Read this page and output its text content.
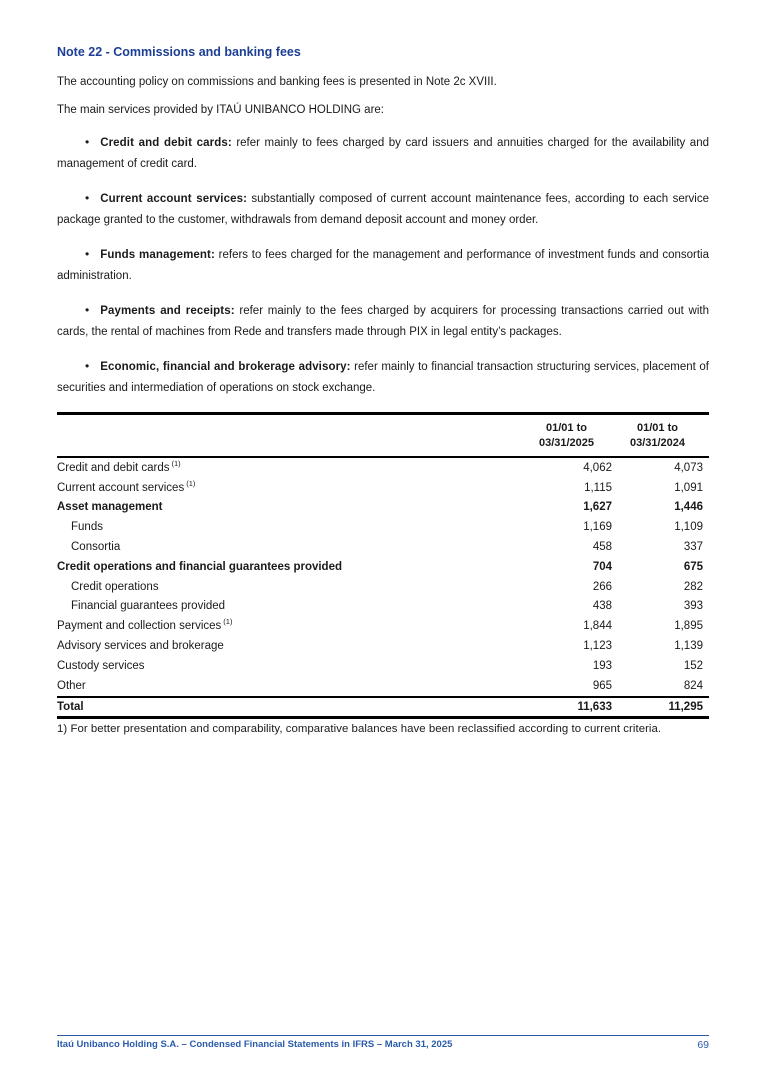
Note 22 - Commissions and banking fees

The accounting policy on commissions and banking fees is presented in Note 2c XVIII.

The main services provided by ITAÚ UNIBANCO HOLDING are:

• Credit and debit cards: refer mainly to fees charged by card issuers and annuities charged for the availability and management of credit card.

• Current account services: substantially composed of current account maintenance fees, according to each service package granted to the customer, withdrawals from demand deposit account and money order.

• Funds management: refers to fees charged for the management and performance of investment funds and consortia administration.

• Payments and receipts: refer mainly to the fees charged by acquirers for processing transactions carried out with cards, the rental of machines from Rede and transfers made through PIX in legal entity’s packages.

• Economic, financial and brokerage advisory: refer mainly to financial transaction structuring services, placement of securities and intermediation of operations on stock exchange.

01/01 to
03/31/2025
01/01 to
03/31/2024
Credit and debit cards $^{(1)}$	4,062	4,073
Current account services $^{(1)}$	1,115	1,091
Asset management	1,627	1,446
Funds	1,169	1,109
Consortia	458	337
Credit operations and financial guarantees provided	704	675
Credit operations	266	282
Financial guarantees provided	438	393
Payment and collection services $^{(1)}$	1,844	1,895
Advisory services and brokerage	1,123	1,139
Custody services	193	152
Other	965	824
Total	11,633	11,295

1) For better presentation and comparability, comparative balances have been reclassified according to current criteria.

Itaú Unibanco Holding S.A. – Condensed Financial Statements in IFRS – March 31, 2025	69
